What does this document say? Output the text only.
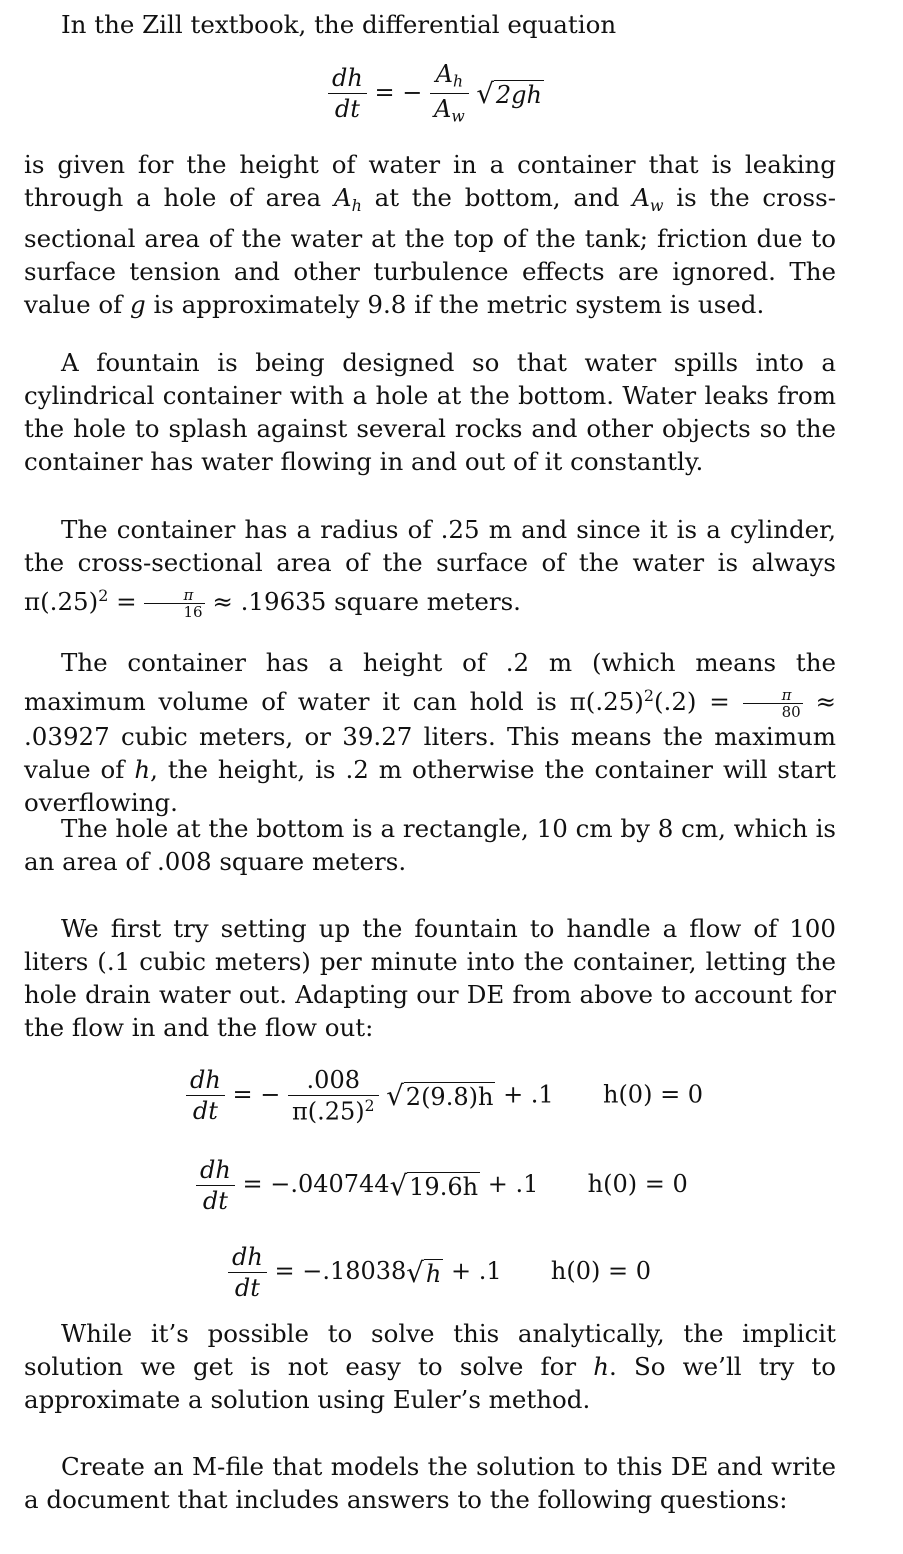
In the Zill textbook, the differential equation
$\frac{dh}{dt}$ = − $\frac{A_h}{A_w} √2gh$
is given for the height of water in a container that is leaking through a hole of area $A_h$ at the bottom, and $A_w$ is the cross-sectional area of the water at the top of the tank; friction due to surface tension and other turbulence effects are ignored. The value of g is approximately 9.8 if the metric system is used.
A fountain is being designed so that water spills into a cylindrical container with a hole at the bottom. Water leaks from the hole to splash against several rocks and other objects so the container has water flowing in and out of it constantly.
The container has a radius of .25 m and since it is a cylinder, the cross-sectional area of the surface of the water is always $\pi(.25)^2 = \frac{\pi}{16} \approx .19635$ square meters.
The container has a height of .2 m (which means the maximum volume of water it can hold is $\pi(.25)^2(.2) = \frac{\pi}{80} \approx .03927$ cubic meters, or 39.27 liters. This means the maximum value of h, the height, is .2 m otherwise the container will start overflowing.
The hole at the bottom is a rectangle, 10 cm by 8 cm, which is an area of .008 square meters.
We first try setting up the fountain to handle a flow of 100 liters (.1 cubic meters) per minute into the container, letting the hole drain water out. Adapting our DE from above to account for the flow in and the flow out:
$\frac{dh}{dt}$ = − $\frac{.008}{\pi(.25)^2} √2(9.8)h + .1$ h(0) = 0
$\frac{dh}{dt} = -.040744√19.6h + .1$ h(0) = 0
$\frac{dh}{dt} = -.18038√h + .1$ h(0) = 0
While it’s possible to solve this analytically, the implicit solution we get is not easy to solve for h. So we’ll try to approximate a solution using Euler’s method.
Create an M-file that models the solution to this DE and write a document that includes answers to the following questions:
